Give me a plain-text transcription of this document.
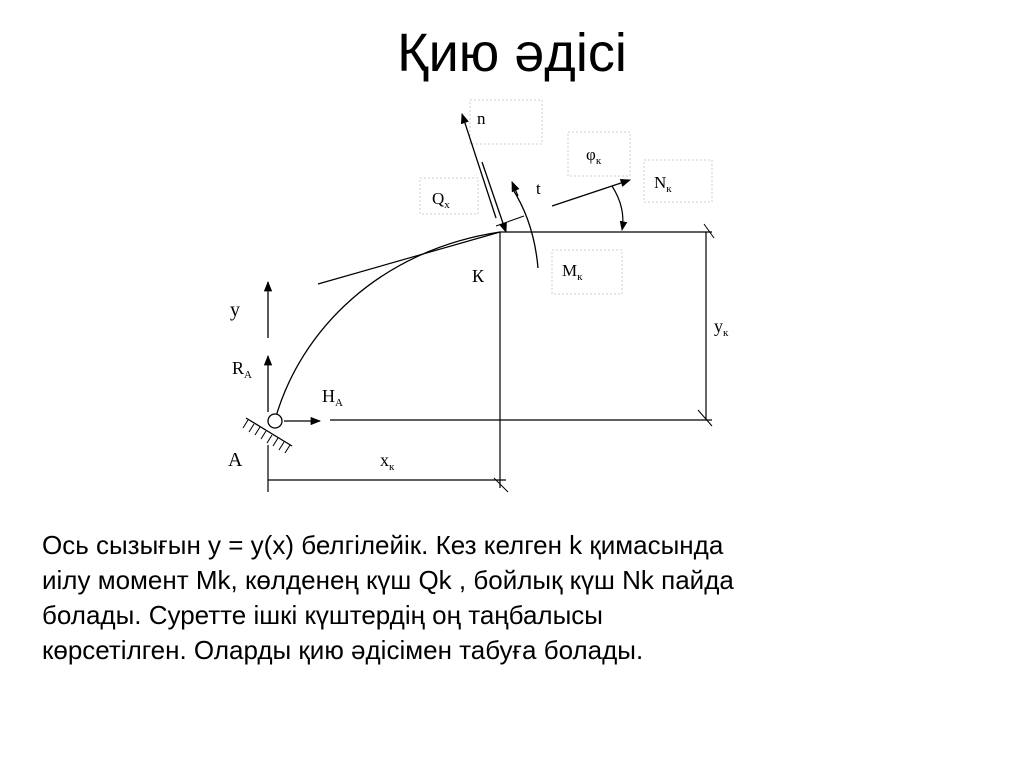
Қию әдісі
n
$\varphi_к$
$N_к$
$Q_x$
t
К	$M_к$
y
$y_к$
$R_A$
$H_A$
A	$x_к$
Ось сызығын y = y(x) белгілейік. Кез келген k қимасында
иілу момент Mk, көлденең күш Qk , бойлық күш Nk пайда
болады. Суретте ішкі күштердің оң таңбалысы
көрсетілген. Оларды қию әдісімен табуға болады.
